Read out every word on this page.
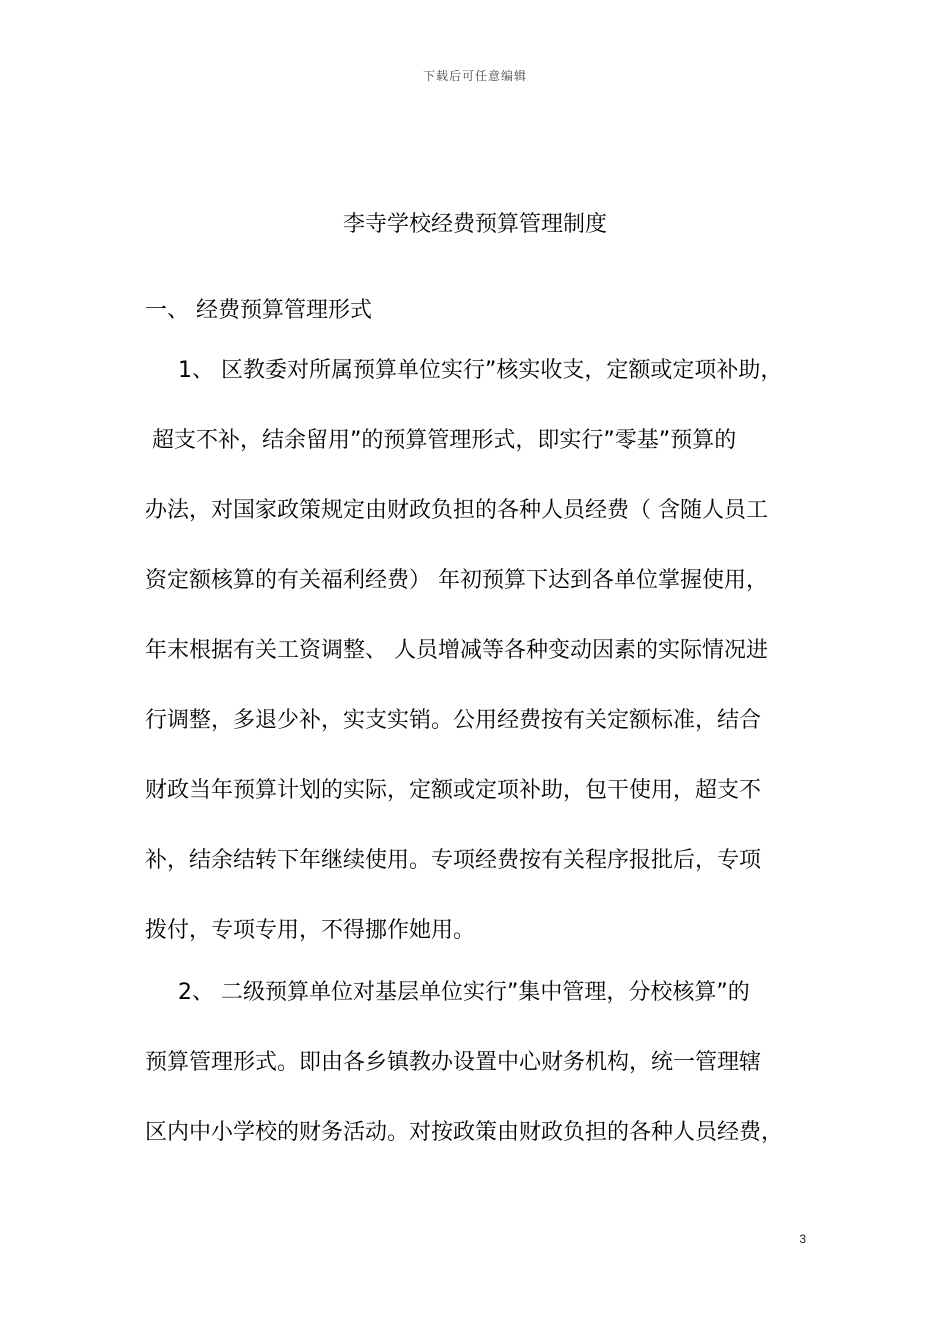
下载后可任意编辑
李寺学校经费预算管理制度
一、 经费预算管理形式
1、 区教委对所属预算单位实行”核实收支，定额或定项补助，
超支不补，结余留用”的预算管理形式，即实行”零基”预算的
办法，对国家政策规定由财政负担的各种人员经费（ 含随人员工
资定额核算的有关福利经费） 年初预算下达到各单位掌握使用，
年末根据有关工资调整、 人员增减等各种变动因素的实际情况进
行调整，多退少补，实支实销。公用经费按有关定额标准，结合
财政当年预算计划的实际，定额或定项补助，包干使用，超支不
补，结余结转下年继续使用。专项经费按有关程序报批后，专项
拨付，专项专用，不得挪作她用。
2、 二级预算单位对基层单位实行”集中管理，分校核算”的
预算管理形式。即由各乡镇教办设置中心财务机构，统一管理辖
区内中小学校的财务活动。对按政策由财政负担的各种人员经费，
3
